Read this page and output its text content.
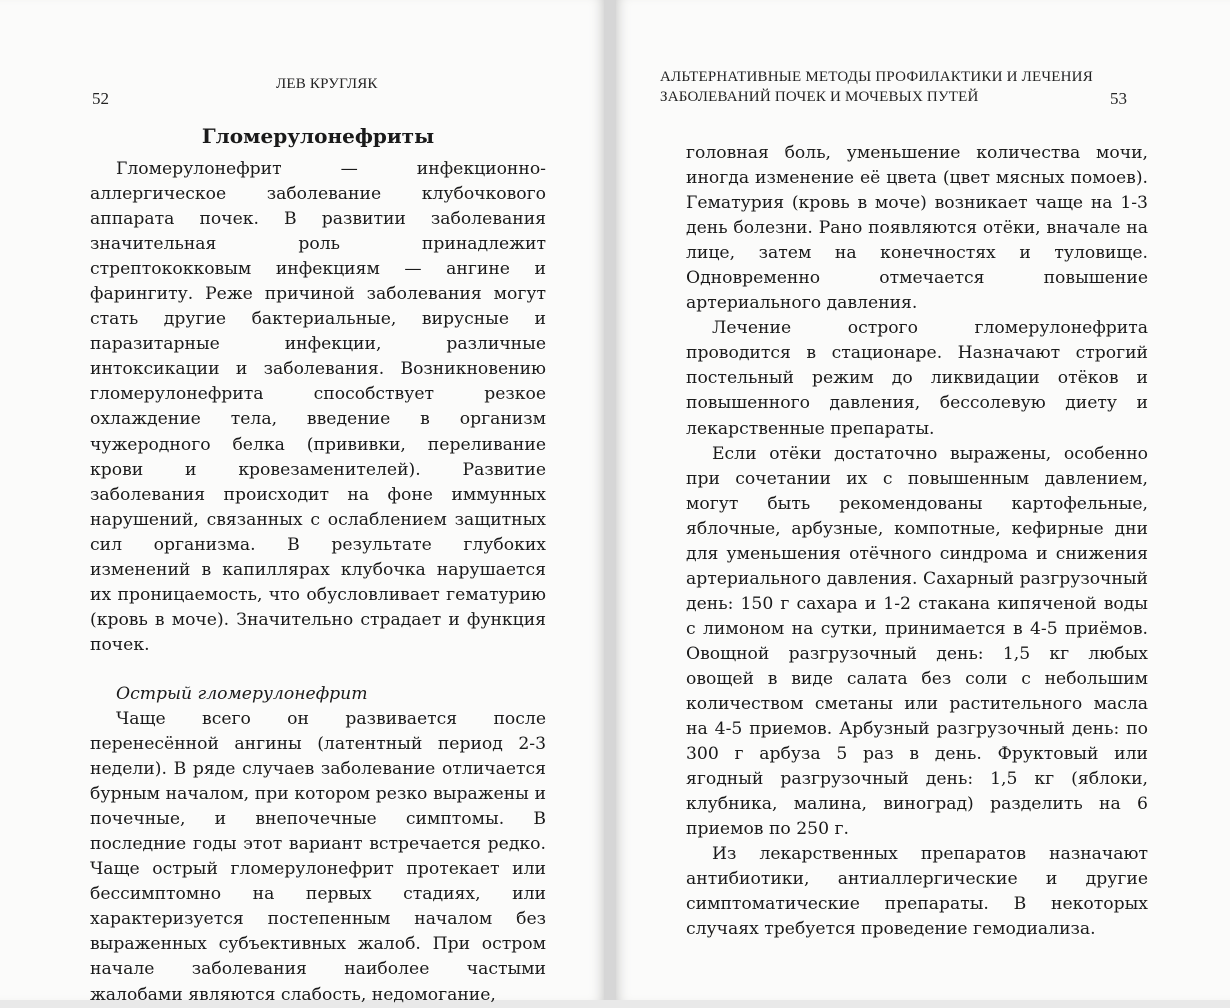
ЛЕВ КРУГЛЯК
52
Гломерулонефриты

Гломерулонефрит — инфекционно-аллергическое заболевание клубочкового аппарата почек. В развитии заболевания значительная роль принадлежит стрептококковым инфекциям — ангине и фарингиту. Реже причиной заболевания могут стать другие бактериальные, вирусные и паразитарные инфекции, различные интоксикации и заболевания. Возникновению гломерулонефрита способствует резкое охлаждение тела, введение в организм чужеродного белка (прививки, переливание крови и кровезаменителей). Развитие заболевания происходит на фоне иммунных нарушений, связанных с ослаблением защитных сил организма. В результате глубоких изменений в капиллярах клубочка нарушается их проницаемость, что обусловливает гематурию (кровь в моче). Значительно страдает и функция почек.

Острый гломерулонефрит

Чаще всего он развивается после перенесённой ангины (латентный период 2-3 недели). В ряде случаев заболевание отличается бурным началом, при котором резко выражены и почечные, и внепочечные симптомы. В последние годы этот вариант встречается редко. Чаще острый гломерулонефрит протекает или бессимптомно на первых стадиях, или характеризуется постепенным началом без выраженных субъективных жалоб. При остром начале заболевания наиболее частыми жалобами являются слабость, недомогание,

АЛЬТЕРНАТИВНЫЕ МЕТОДЫ ПРОФИЛАКТИКИ И ЛЕЧЕНИЯ
ЗАБОЛЕВАНИЙ ПОЧЕК И МОЧЕВЫХ ПУТЕЙ	53

головная боль, уменьшение количества мочи, иногда изменение её цвета (цвет мясных помоев). Гематурия (кровь в моче) возникает чаще на 1-3 день болезни. Рано появляются отёки, вначале на лице, затем на конечностях и туловище. Одновременно отмечается повышение артериального давления.

Лечение острого гломерулонефрита проводится в стационаре. Назначают строгий постельный режим до ликвидации отёков и повышенного давления, бессолевую диету и лекарственные препараты.

Если отёки достаточно выражены, особенно при сочетании их с повышенным давлением, могут быть рекомендованы картофельные, яблочные, арбузные, компотные, кефирные дни для уменьшения отёчного синдрома и снижения артериального давления. Сахарный разгрузочный день: 150 г сахара и 1-2 стакана кипяченой воды с лимоном на сутки, принимается в 4-5 приёмов. Овощной разгрузочный день: 1,5 кг любых овощей в виде салата без соли с небольшим количеством сметаны или растительного масла на 4-5 приемов. Арбузный разгрузочный день: по 300 г арбуза 5 раз в день. Фруктовый или ягодный разгрузочный день: 1,5 кг (яблоки, клубника, малина, виноград) разделить на 6 приемов по 250 г.

Из лекарственных препаратов назначают антибиотики, антиаллергические и другие симптоматические препараты. В некоторых случаях требуется проведение гемодиализа.
